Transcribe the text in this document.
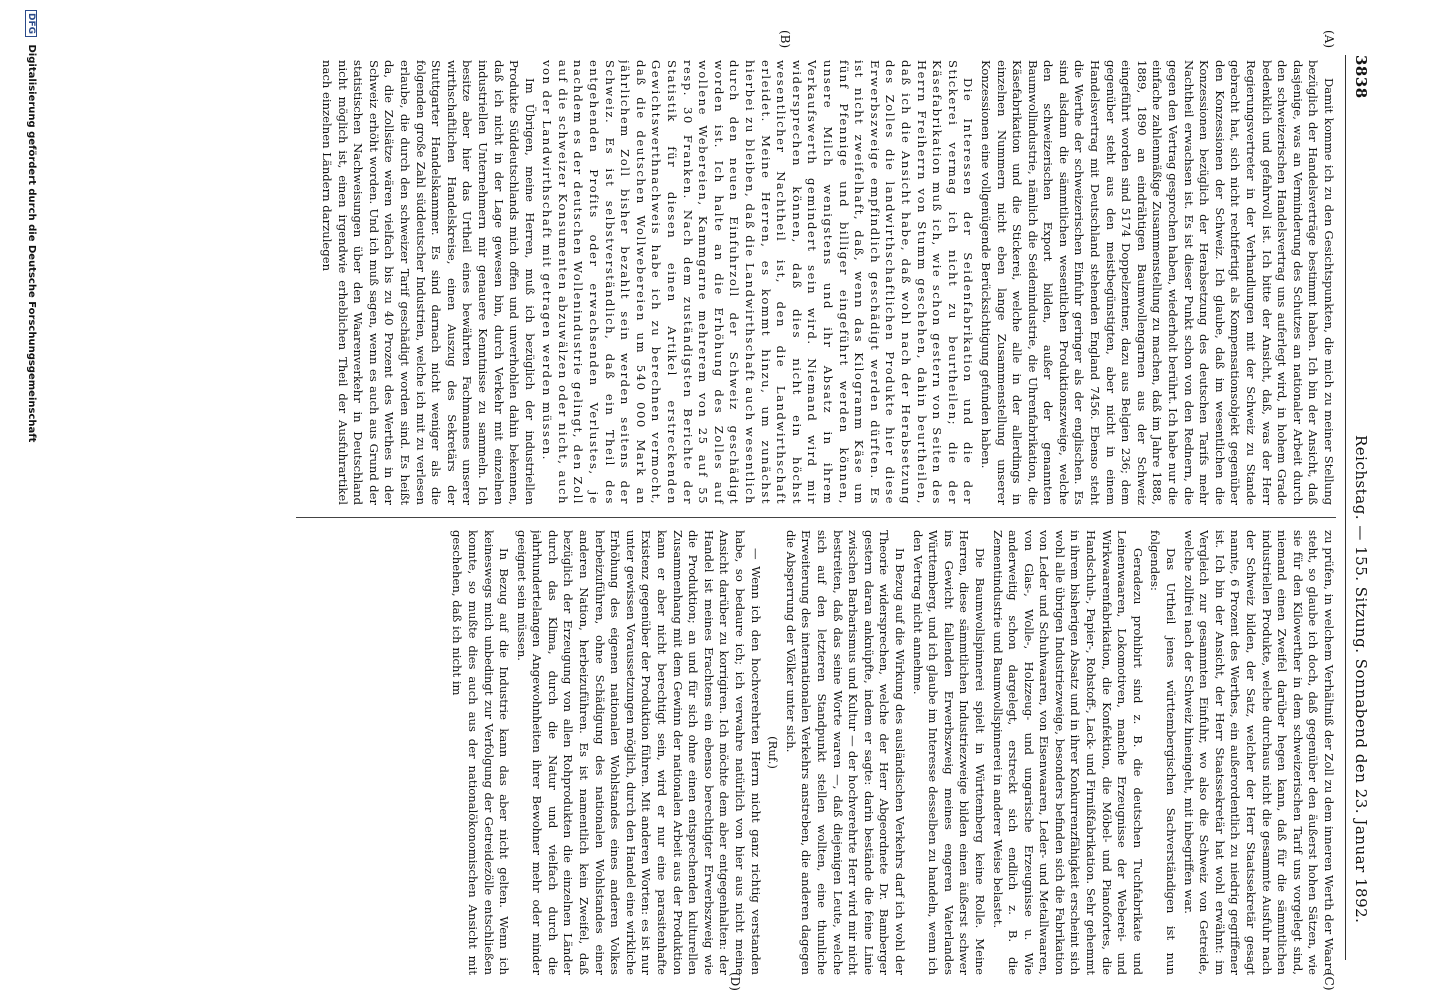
3838
Reichstag. — 155. Sitzung. Sonnabend den 23. Januar 1892.
(A)
(B)
(C)
(D)

Damit komme ich zu den Gesichtspunkten, die mich zu meiner Stellung bezüglich der Handelsverträge bestimmt haben. Ich bin der Ansicht, daß dasjenige, was an Verminderung des Schutzes an nationaler Arbeit durch den schweizerischen Handelsvertrag uns auferlegt wird, in hohem Grade bedenklich und gefahrvoll ist. Ich bitte der Ansicht, daß, was der Herr Regierungsvertreter in der Verhandlungen mit der Schweiz zu Stande gebracht hat, sich nicht rechtfertigt als Kompensationsobjekt gegenüber den Konzessionen der Schweiz. Ich glaube, daß im wesentlichen die Konzessionen bezüglich der Herabsetzung des deutschen Tarifs mehr Nachtheil erwachsen ist. Es ist dieser Punkt schon von den Rednern, die gegen den Vertrag gesprochen haben, wiederholt berührt. Ich habe nur die einfache zahlenmäßige Zusammenstellung zu machen, daß im Jahre 1888, 1889, 1890 an eindrähtigen Baumwollengarnen aus der Schweiz eingeführt worden sind 5174 Doppelzentner, dazu aus Belgien 236; dem gegenüber steht aus den meistbegünstigten, aber nicht in einem Handelsvertrag mit Deutschland stehenden England 7456. Ebenso steht die Werthe der schweizerischen Einfuhr geringer als der englischen. Es sind alsdann die sämmtlichen wesentlichen Produktionszweige, welche den schweizerischen Export bilden, außer der genannten Baumwollindustrie, nämlich die Seidenindustrie, die Uhrenfabrikation, die Käsefabrikation und die Stickerei, welche alle in der allerdings in einzelnen Nummern nicht eben lange Zusammenstellung unserer Konzessionen eine vollgenügende Berücksichtigung gefunden haben.

Die Interessen der Seidenfabrikation und die der Stickerei vermag ich nicht zu beurtheilen; die der Käsefabrikation muß ich, wie schon gestern von Seiten des Herrn Freiherrn von Stumm geschehen, dahin beurtheilen, daß ich die Ansicht habe, daß wohl nach der Herabsetzung des Zolles die landwirthschaftlichen Produkte hier diese Erwerbszweige empfindlich geschädigt werden dürften. Es ist nicht zweifelhaft, daß, wenn das Kilogramm Käse um fünf Pfennige und billiger eingeführt werden können, unsere Milch wenigstens und ihr Absatz in ihrem Verkaufswerth gemindert sein wird. Niemand wird mir widersprechen können, daß dies nicht ein höchst wesentlicher Nachtheil ist, den die Landwirthschaft erleidet. Meine Herren, es kommt hinzu, um zunächst hierbei zu bleiben, daß die Landwirthschaft auch wesentlich durch den neuen Einfuhrzoll der Schweiz geschädigt worden ist. Ich halte an die Erhöhung des Zolles auf wollene Webereien, Kammgarne mehrerem von 25 auf 55 resp. 30 Franken. Nach dem zuständigsten Berichte der Statistik für diesen einen Artikel erstreckenden Gewichtswerthnachweis habe ich zu berechnen vermocht, daß die deutschen Wollwebereien um 540 000 Mark an jährlichem Zoll bisher bezahlt sein werden seitens der Schweiz. Es ist selbstverständlich, daß ein Theil des entgehenden Profits oder erwachsenden Verlustes, je nachdem es der deutschen Wollenindustrie gelingt, den Zoll auf die schweizer Konsumenten abzuwälzen oder nicht, auch von der Landwirthschaft mit getragen werden müssen.

Im Übrigen, meine Herren, muß ich bezüglich der industriellen Produkte Süddeutschlands mich offen und unverhohlen dahin bekennen, daß ich nicht in der Lage gewesen bin, durch Verkehr mit einzelnen industriellen Unternehmern mir genauere Kenntnisse zu sammeln. Ich besitze aber hier das Urtheil eines bewährten Fachmannes unserer wirthschaftlichen Handelskreise, einen Auszug des Sekretärs der Stuttgarter Handelskammer. Es sind darnach nicht weniger als die folgenden große Zahl süddeutscher Industrien, welche ich mit zu verlesen erlaube, die durch den schweizer Tarif geschädigt worden sind. Es heißt da, die Zollsätze wären vielfach bis zu 40 Prozent des Werthes in der Schweiz erhöht worden. Und ich muß sagen, wenn es auch aus Grund der statistischen Nachweisungen über den Waarenverkehr in Deutschland nicht möglich ist, einen irgendwie erheblichen Theil der Ausfuhrartikel nach einzelnen Ländern darzulegen

zu prüfen, in welchem Verhältniß der Zoll zu dem inneren Werth der Waare steht, so glaube ich doch, daß gegenüber den äußerst hohen Sätzen, wie sie für den Kilowerther in dem schweizerischen Tarif uns vorgelegt sind, niemand einen Zweifel darüber hegen kann, daß für die sämmtlichen industriellen Produkte, welche durchaus nicht die gesammte Ausfuhr nach der Schweiz bilden, der Satz, welcher der Herr Staatssekretär gesagt nannte, 6 Prozent des Werthes, ein außerordentlich zu niedrig gegriffener ist. Ich bin der Ansicht, der Herr Staatssekretär hat wohl erwähnt: im Vergleich zur gesammten Einfuhr, wo also die Schweiz von Getreide, welche zollfrei nach der Schweiz hineingeht, mit inbegriffen war.

Das Urtheil jenes württembergischen Sachverständigen ist nun folgendes:

Geradezu prohibirt sind z. B. die deutschen Tuchfabrikate und Leinenwaaren, Lokomotiven, manche Erzeugnisse der Weberei- und Wirkwaarenfabrikation, die Konfektion, die Möbel- und Pianofortes, die Handschuh-, Papier-, Rohstoff-, Lack- und Firnißfabrikation. Sehr gehemmt in ihrem bisherigen Absatz und in ihrer Konkurrenzfähigkeit erscheint sich wohl alle übrigen Industriezweige, besonders befinden sich die Fabrikation von Leder und Schuhwaaren, von Eisenwaaren, Leder- und Metallwaaren, von Glas-, Wolle-, Holzzeug- und ungarische Erzeugnisse u. Wie anderweitig schon dargelegt, erstreckt sich endlich z. B. die Zementindustrie und Baumwollspinnerei in anderer Weise belastet.

Die Baumwollspinnerei spielt in Württemberg keine Rolle. Meine Herren, diese sämmtlichen Industriezweige bilden einen äußerst schwer ins Gewicht fallenden Erwerbszweig meines engeren Vaterlandes Württemberg, und ich glaube im Interesse desselben zu handeln, wenn ich den Vertrag nicht annehme.

In Bezug auf die Wirkung des ausländischen Verkehrs darf ich wohl der Theorie widersprechen, welche der Herr Abgeordnete Dr. Bamberger gestern daran anknüpfte, indem er sagte: darin bestände die feine Linie zwischen Barbarismus und Kultur — der hochverehrte Herr wird mir nicht bestreiten, daß das seine Worte waren —, daß diejenigen Leute, welche sich auf den letzteren Standpunkt stellen wollten, eine thunliche Erweiterung des internationalen Verkehrs anstreben, die anderen dagegen die Absperrung der Völker unter sich.

(Ruf.)

— Wenn ich den hochverehrten Herrn nicht ganz richtig verstanden habe, so bedaure ich; ich verwahre natürlich von hier aus nicht meine Ansicht darüber zu korrigiren. Ich möchte dem aber entgegenhalten: der Handel ist meines Erachtens ein ebenso berechtigter Erwerbszweig wie die Produktion; an und für sich ohne einen entsprechenden kulturellen Zusammenhang mit dem Gewinn der nationalen Arbeit aus der Produktion kann er aber nicht berechtigt sein, wird er nur eine parasitenhafte Existenz gegenüber der Produktion führen. Mit anderen Worten: es ist nur unter gewissen Voraussetzungen möglich, durch den Handel eine wirkliche Erhöhung des eigenen nationalen Wohlstandes eines anderen Volkes herbeizuführen, ohne Schädigung des nationalen Wohlstandes einer anderen Nation, herbeizuführen. Es ist namentlich kein Zweifel, daß bezüglich der Erzeugung von allen Rohprodukten die einzelnen Länder durch das Klima, durch die Natur und vielfach durch die jahrhundertelangen Angewohnheiten ihrer Bewohner mehr oder minder geeignet sein müssen.

In Bezug auf die Industrie kann das aber nicht gelten. Wenn ich keineswegs mich unbedingt zur Verfolgung der Getreidezölle entschließen konnte, so mußte dies auch aus der nationalökonomischen Ansicht mit geschehen, daß ich nicht im

DFG Digitalisierung gefördert durch die Deutsche Forschungsgemeinschaft
